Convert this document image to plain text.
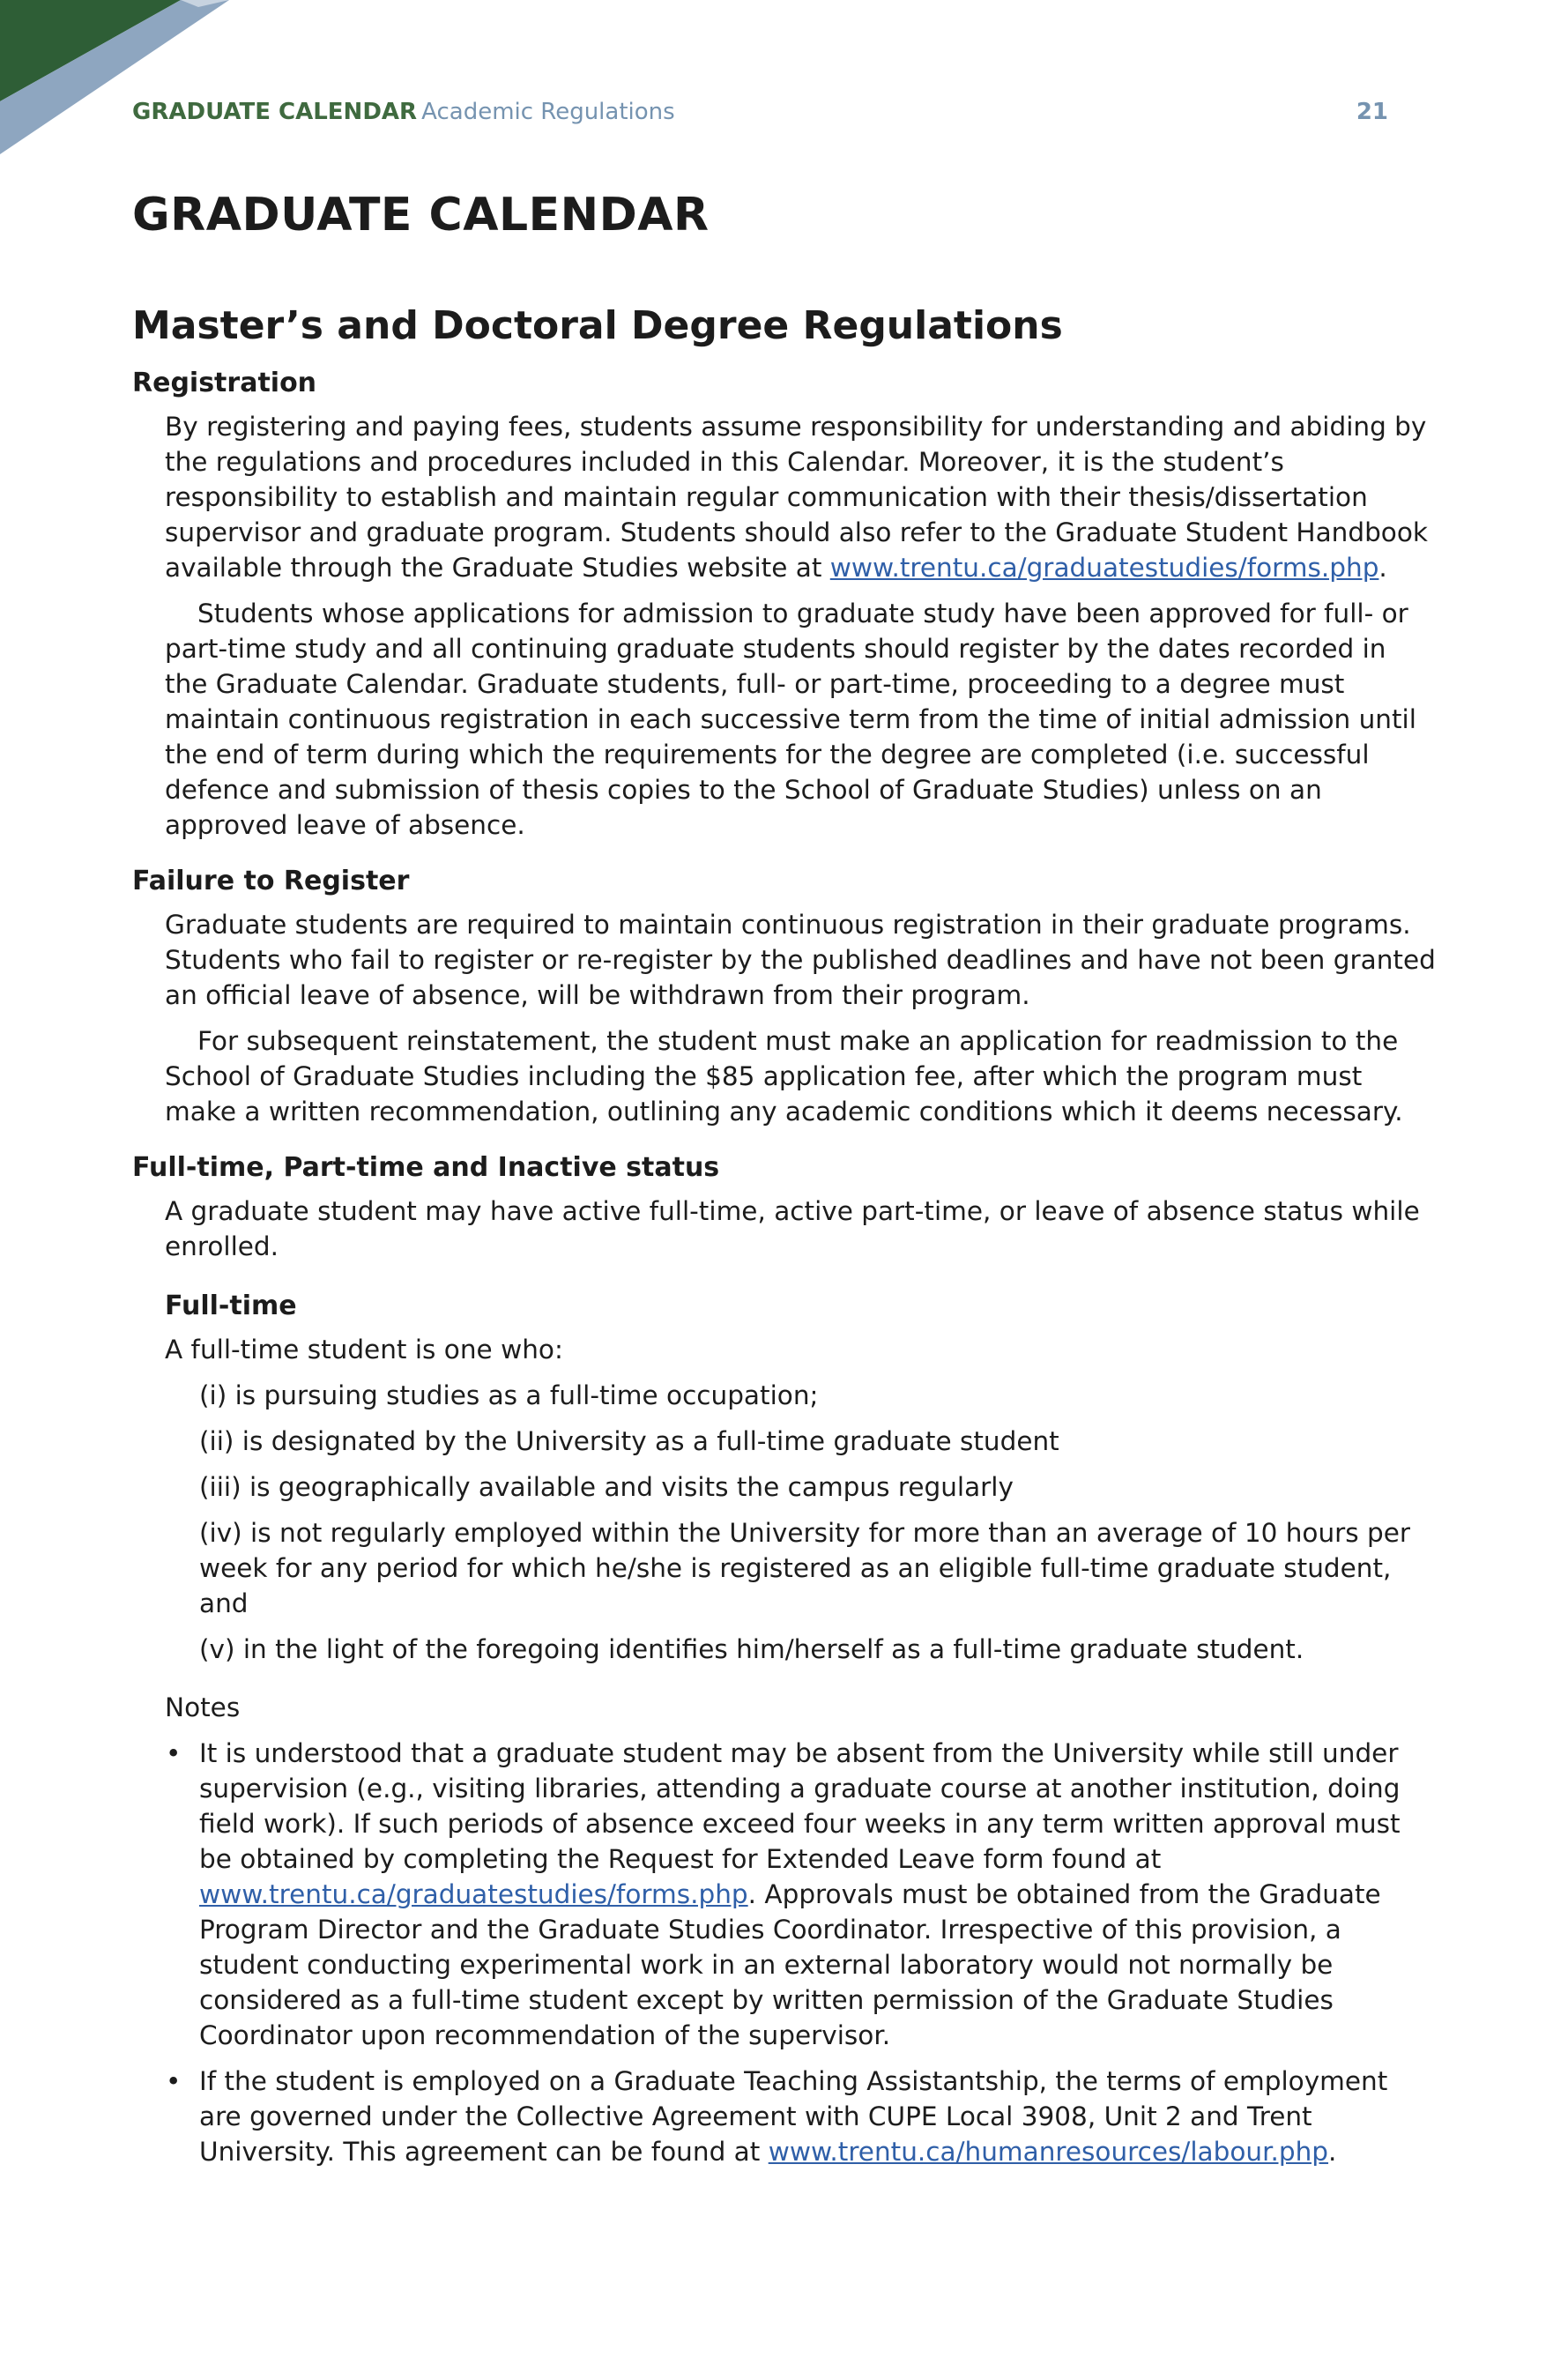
GRADUATE CALENDAR Academic Regulations	21
GRADUATE CALENDAR
Master’s and Doctoral Degree Regulations
Registration

By registering and paying fees, students assume responsibility for understanding and abiding by the regulations and procedures included in this Calendar. Moreover, it is the student’s responsibility to establish and maintain regular communication with their thesis/dissertation supervisor and graduate program. Students should also refer to the Graduate Student Handbook available through the Graduate Studies website at www.trentu.ca/graduatestudies/forms.php.

Students whose applications for admission to graduate study have been approved for full- or part-time study and all continuing graduate students should register by the dates recorded in the Graduate Calendar. Graduate students, full- or part-time, proceeding to a degree must maintain continuous registration in each successive term from the time of initial admission until the end of term during which the requirements for the degree are completed (i.e. successful defence and submission of thesis copies to the School of Graduate Studies) unless on an approved leave of absence.

Failure to Register

Graduate students are required to maintain continuous registration in their graduate programs. Students who fail to register or re-register by the published deadlines and have not been granted an official leave of absence, will be withdrawn from their program.

For subsequent reinstatement, the student must make an application for readmission to the School of Graduate Studies including the $85 application fee, after which the program must make a written recommendation, outlining any academic conditions which it deems necessary.

Full-time, Part-time and Inactive status

A graduate student may have active full-time, active part-time, or leave of absence status while enrolled.

Full-time

A full-time student is one who:

(i) is pursuing studies as a full-time occupation;

(ii) is designated by the University as a full-time graduate student

(iii) is geographically available and visits the campus regularly

(iv) is not regularly employed within the University for more than an average of 10 hours per week for any period for which he/she is registered as an eligible full-time graduate student, and

(v) in the light of the foregoing identifies him/herself as a full-time graduate student.

Notes

• It is understood that a graduate student may be absent from the University while still under supervision (e.g., visiting libraries, attending a graduate course at another institution, doing field work). If such periods of absence exceed four weeks in any term written approval must be obtained by completing the Request for Extended Leave form found at www.trentu.ca/graduatestudies/forms.php. Approvals must be obtained from the Graduate Program Director and the Graduate Studies Coordinator. Irrespective of this provision, a student conducting experimental work in an external laboratory would not normally be considered as a full-time student except by written permission of the Graduate Studies Coordinator upon recommendation of the supervisor.

• If the student is employed on a Graduate Teaching Assistantship, the terms of employment are governed under the Collective Agreement with CUPE Local 3908, Unit 2 and Trent University. This agreement can be found at www.trentu.ca/humanresources/labour.php.
